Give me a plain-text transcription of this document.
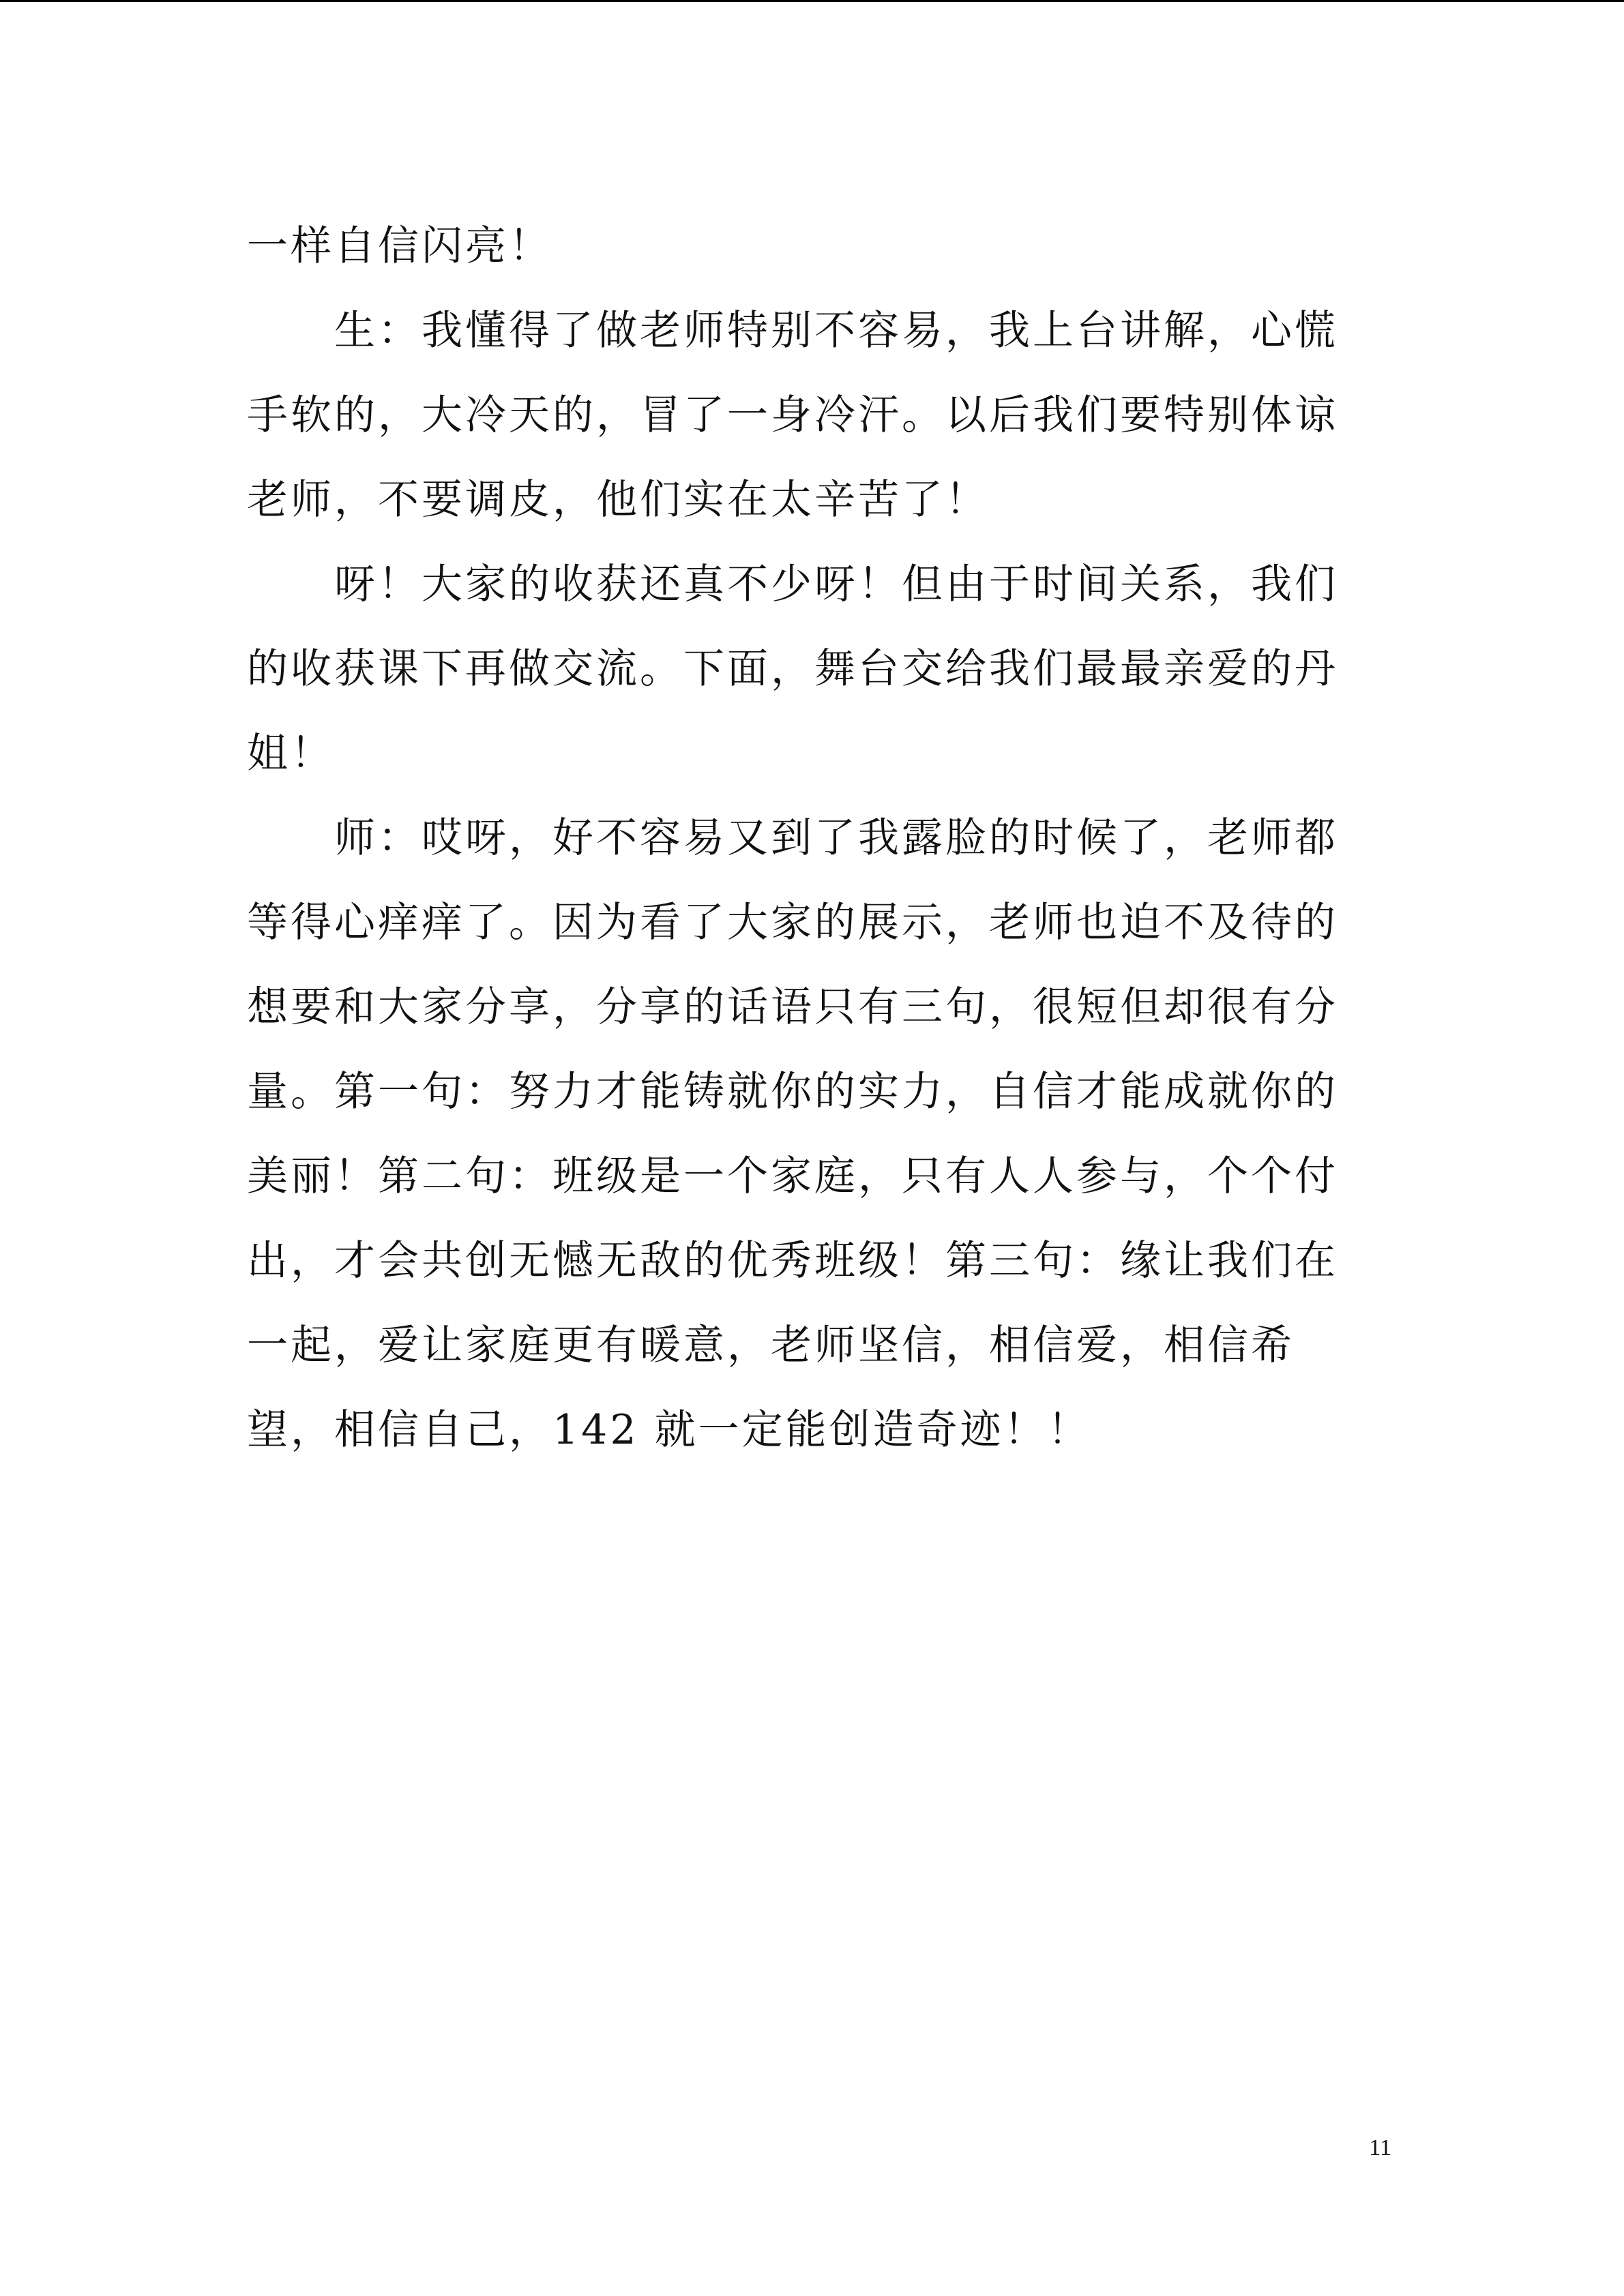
一样自信闪亮！

生：我懂得了做老师特别不容易，我上台讲解，心慌手软的，大冷天的，冒了一身冷汗。以后我们要特别体谅老师，不要调皮，他们实在太辛苦了！

呀！大家的收获还真不少呀！但由于时间关系，我们的收获课下再做交流。下面，舞台交给我们最最亲爱的丹姐！

师：哎呀，好不容易又到了我露脸的时候了，老师都等得心痒痒了。因为看了大家的展示，老师也迫不及待的想要和大家分享，分享的话语只有三句，很短但却很有分量。第一句：努力才能铸就你的实力，自信才能成就你的美丽！第二句：班级是一个家庭，只有人人参与，个个付出，才会共创无憾无敌的优秀班级！第三句：缘让我们在一起，爱让家庭更有暖意，老师坚信，相信爱，相信希望，相信自己，142 就一定能创造奇迹！！

11
